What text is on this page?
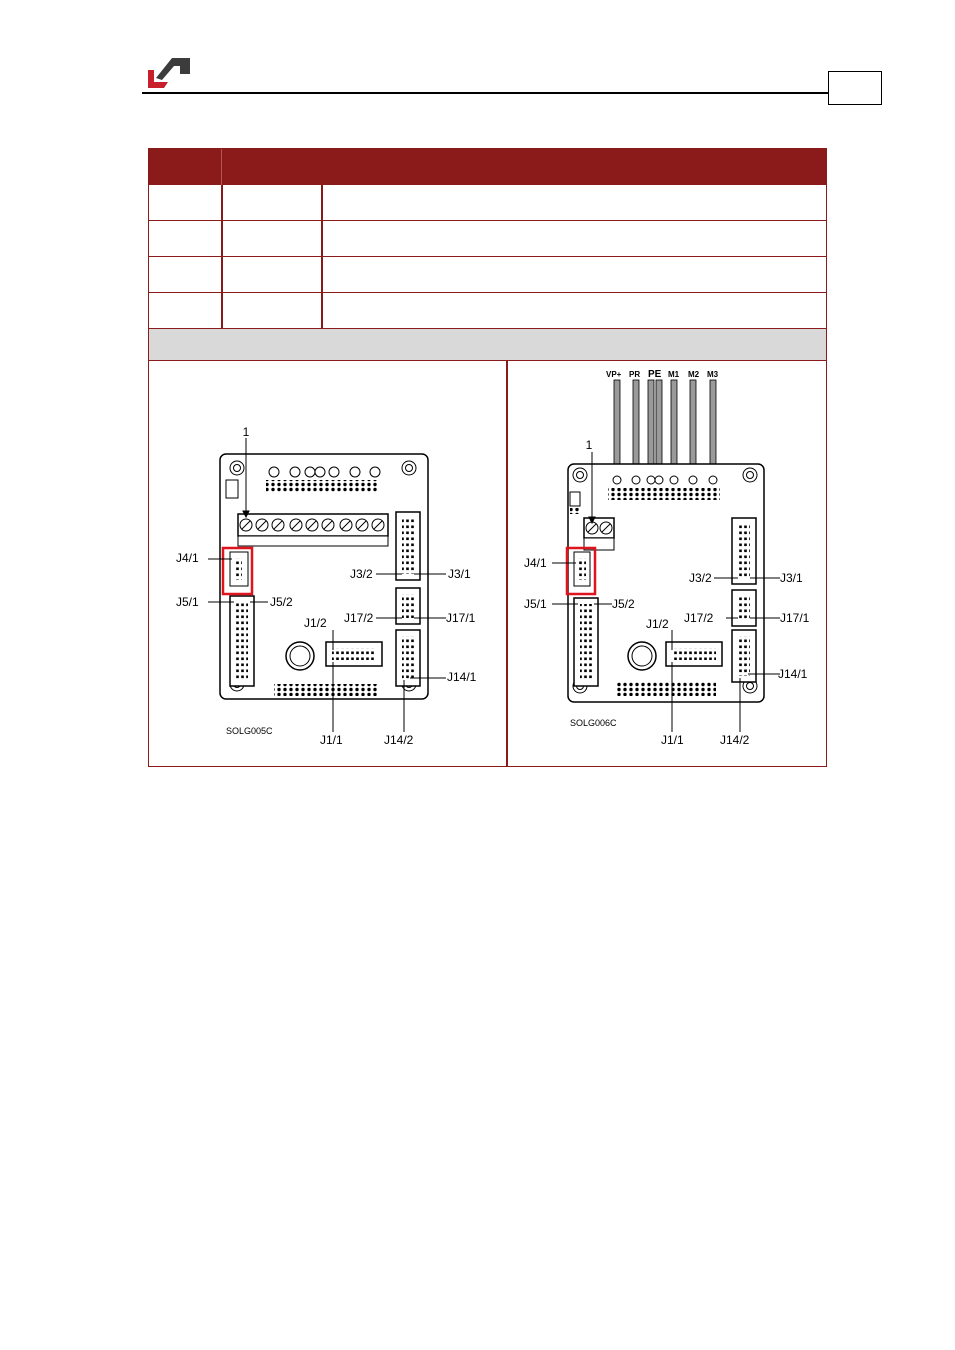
1
J4/1
J5/1	J5/2
J3/2	J3/1
J17/2	J17/1
J1/2
J14/1
J1/1	J14/2
SOLG005C
VP+ PR PE M1 M2 M3
1
J4/1
J5/1	J5/2
J3/2	J3/1
J17/2	J17/1
J1/2
J14/1
J1/1	J14/2
SOLG006C
